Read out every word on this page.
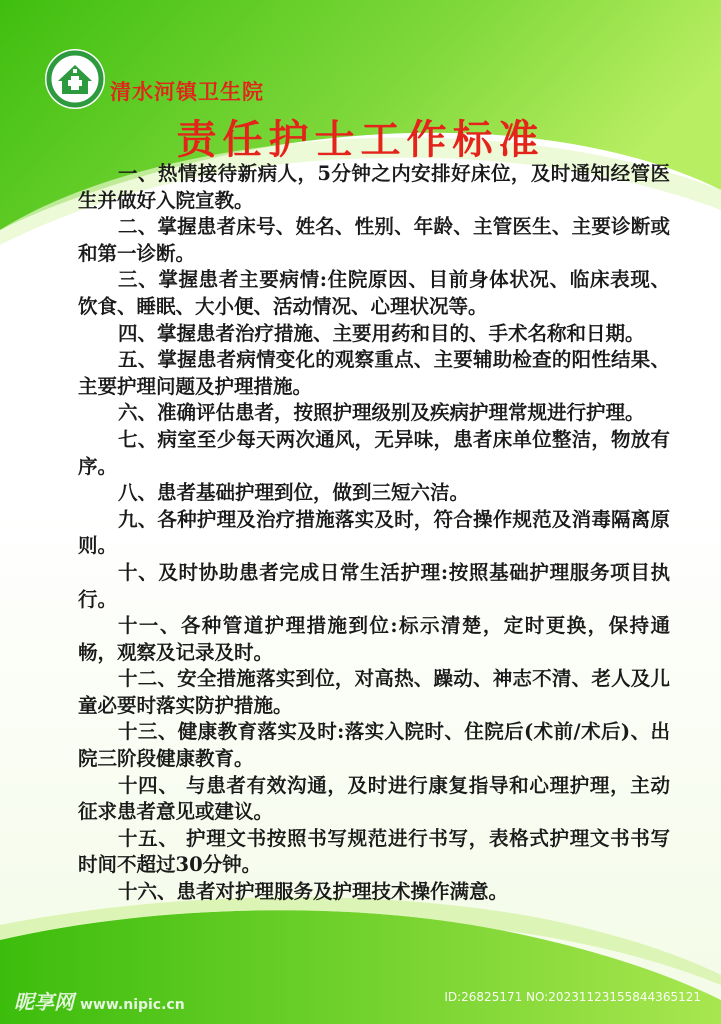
清水河镇卫生院
责任护士工作标准

一、热情接待新病人，5分钟之内安排好床位，及时通知经管医生并做好入院宣教。

二、掌握患者床号、姓名、性别、年龄、主管医生、主要诊断或和第一诊断。

三、掌握患者主要病情:住院原因、目前身体状况、临床表现、饮食、睡眠、大小便、活动情况、心理状况等。

四、掌握患者治疗措施、主要用药和目的、手术名称和日期。

五、掌握患者病情变化的观察重点、主要辅助检查的阳性结果、主要护理问题及护理措施。

六、准确评估患者，按照护理级别及疾病护理常规进行护理。

七、病室至少每天两次通风，无异味，患者床单位整洁，物放有序。

八、患者基础护理到位，做到三短六洁。

九、各种护理及治疗措施落实及时，符合操作规范及消毒隔离原则。

十、及时协助患者完成日常生活护理:按照基础护理服务项目执行。

十一、各种管道护理措施到位:标示清楚，定时更换，保持通畅，观察及记录及时。

十二、安全措施落实到位，对高热、躁动、神志不清、老人及儿童必要时落实防护措施。

十三、健康教育落实及时:落实入院时、住院后(术前/术后)、出院三阶段健康教育。

十四、 与患者有效沟通，及时进行康复指导和心理护理，主动征求患者意见或建议。

十五、 护理文书按照书写规范进行书写，表格式护理文书书写时间不超过30分钟。

十六、患者对护理服务及护理技术操作满意。

昵享网 www.nipic.cn	ID:26825171 NO:20231123155844365121
